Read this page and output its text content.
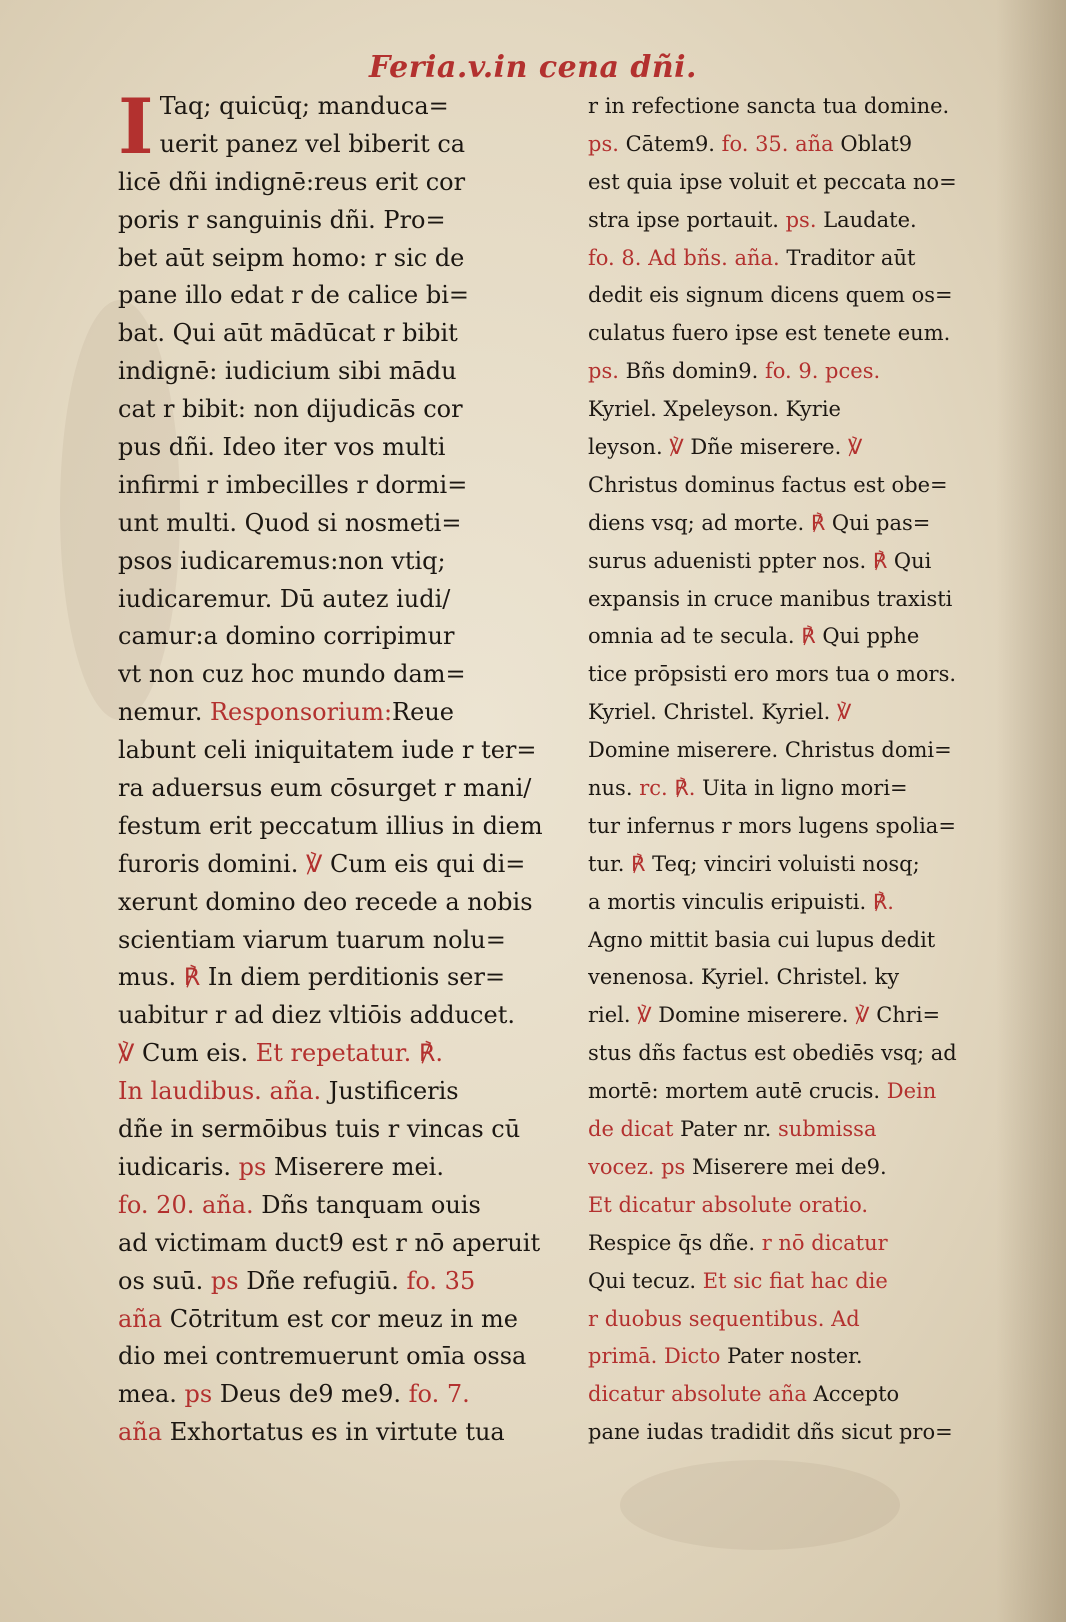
Feria.v.in cena dñi.
I Taq; quicūq; manduca=
uerit panez vel biberit ca
licē dñi indignē:reus erit cor
poris r sanguinis dñi. Pro=
bet aūt seipm homo: r sic de
pane illo edat r de calice bi=
bat. Qui aūt mādūcat r bibit
indignē: iudicium sibi mādu
cat r bibit: non dijudicās cor
pus dñi. Ideo iter vos multi
infirmi r imbecilles r dormi=
unt multi. Quod si nosmeti=
psos iudicaremus:non vtiq;
iudicaremur. Dū autez iudi/
camur:a domino corripimur
vt non cuz hoc mundo dam=
nemur. Responsorium:Reue
labunt celi iniquitatem iude r ter=
ra aduersus eum cōsurget r mani/
festum erit peccatum illius in diem
furoris domini. ℣ Cum eis qui di=
xerunt domino deo recede a nobis
scientiam viarum tuarum nolu=
mus. ℟ In diem perditionis ser=
uabitur r ad diez vltiōis adducet.
℣ Cum eis. Et repetatur. ℟.
In laudibus. aña. Justificeris
dñe in sermōibus tuis r vincas cū
iudicaris. ps Miserere mei.
fo. 20. aña. Dñs tanquam ouis
ad victimam duct9 est r nō aperuit
os suū. ps Dñe refugiū. fo. 35
aña Cōtritum est cor meuz in me
dio mei contremuerunt omīa ossa
mea. ps Deus de9 me9. fo. 7.
aña Exhortatus es in virtute tua
r in refectione sancta tua domine.
ps. Cātem9. fo. 35. aña Oblat9
est quia ipse voluit et peccata no=
stra ipse portauit. ps. Laudate.
fo. 8. Ad bñs. aña. Traditor aūt
dedit eis signum dicens quem os=
culatus fuero ipse est tenete eum.
ps. Bñs domin9. fo. 9. pces.
Kyriel. Xpeleyson. Kyrie
leyson. ℣ Dñe miserere. ℣
Christus dominus factus est obe=
diens vsq; ad morte. ℟ Qui pas=
surus aduenisti ppter nos. ℟ Qui
expansis in cruce manibus traxisti
omnia ad te secula. ℟ Qui pphe
tice prōpsisti ero mors tua o mors.
Kyriel. Christel. Kyriel. ℣
Domine miserere. Christus domi=
nus. rc. ℟. Uita in ligno mori=
tur infernus r mors lugens spolia=
tur. ℟ Teq; vinciri voluisti nosq;
a mortis vinculis eripuisti. ℟.
Agno mittit basia cui lupus dedit
venenosa. Kyriel. Christel. ky
riel. ℣ Domine miserere. ℣ Chri=
stus dñs factus est obediēs vsq; ad
mortē: mortem autē crucis. Dein
de dicat Pater nr. submissa
vocez. ps Miserere mei de9.
Et dicatur absolute oratio.
Respice q̄s dñe. r nō dicatur
Qui tecuz. Et sic fiat hac die
r duobus sequentibus. Ad
primā. Dicto Pater noster.
dicatur absolute aña Accepto
pane iudas tradidit dñs sicut pro=
